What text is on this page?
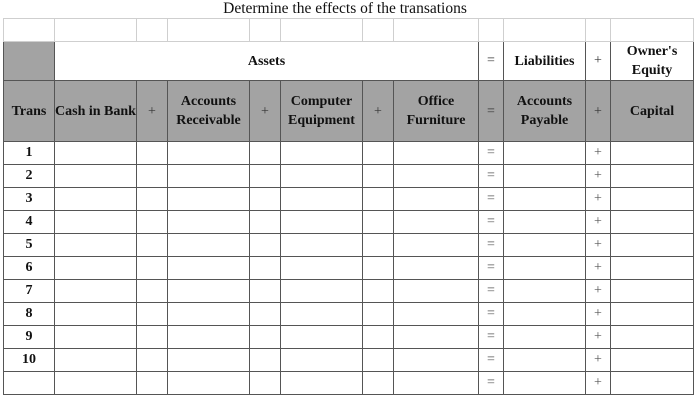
Determine the effects of the transations

	Assets							=	Liabilities	+	Owner's Equity
Trans	Cash in Bank	+	Accounts Receivable	+	Computer Equipment	+	Office Furniture	=	Accounts Payable	+	Capital
1								=		+	
2								=		+	
3								=		+	
4								=		+	
5								=		+	
6								=		+	
7								=		+	
8								=		+	
9								=		+	
10								=		+	
								=		+	
